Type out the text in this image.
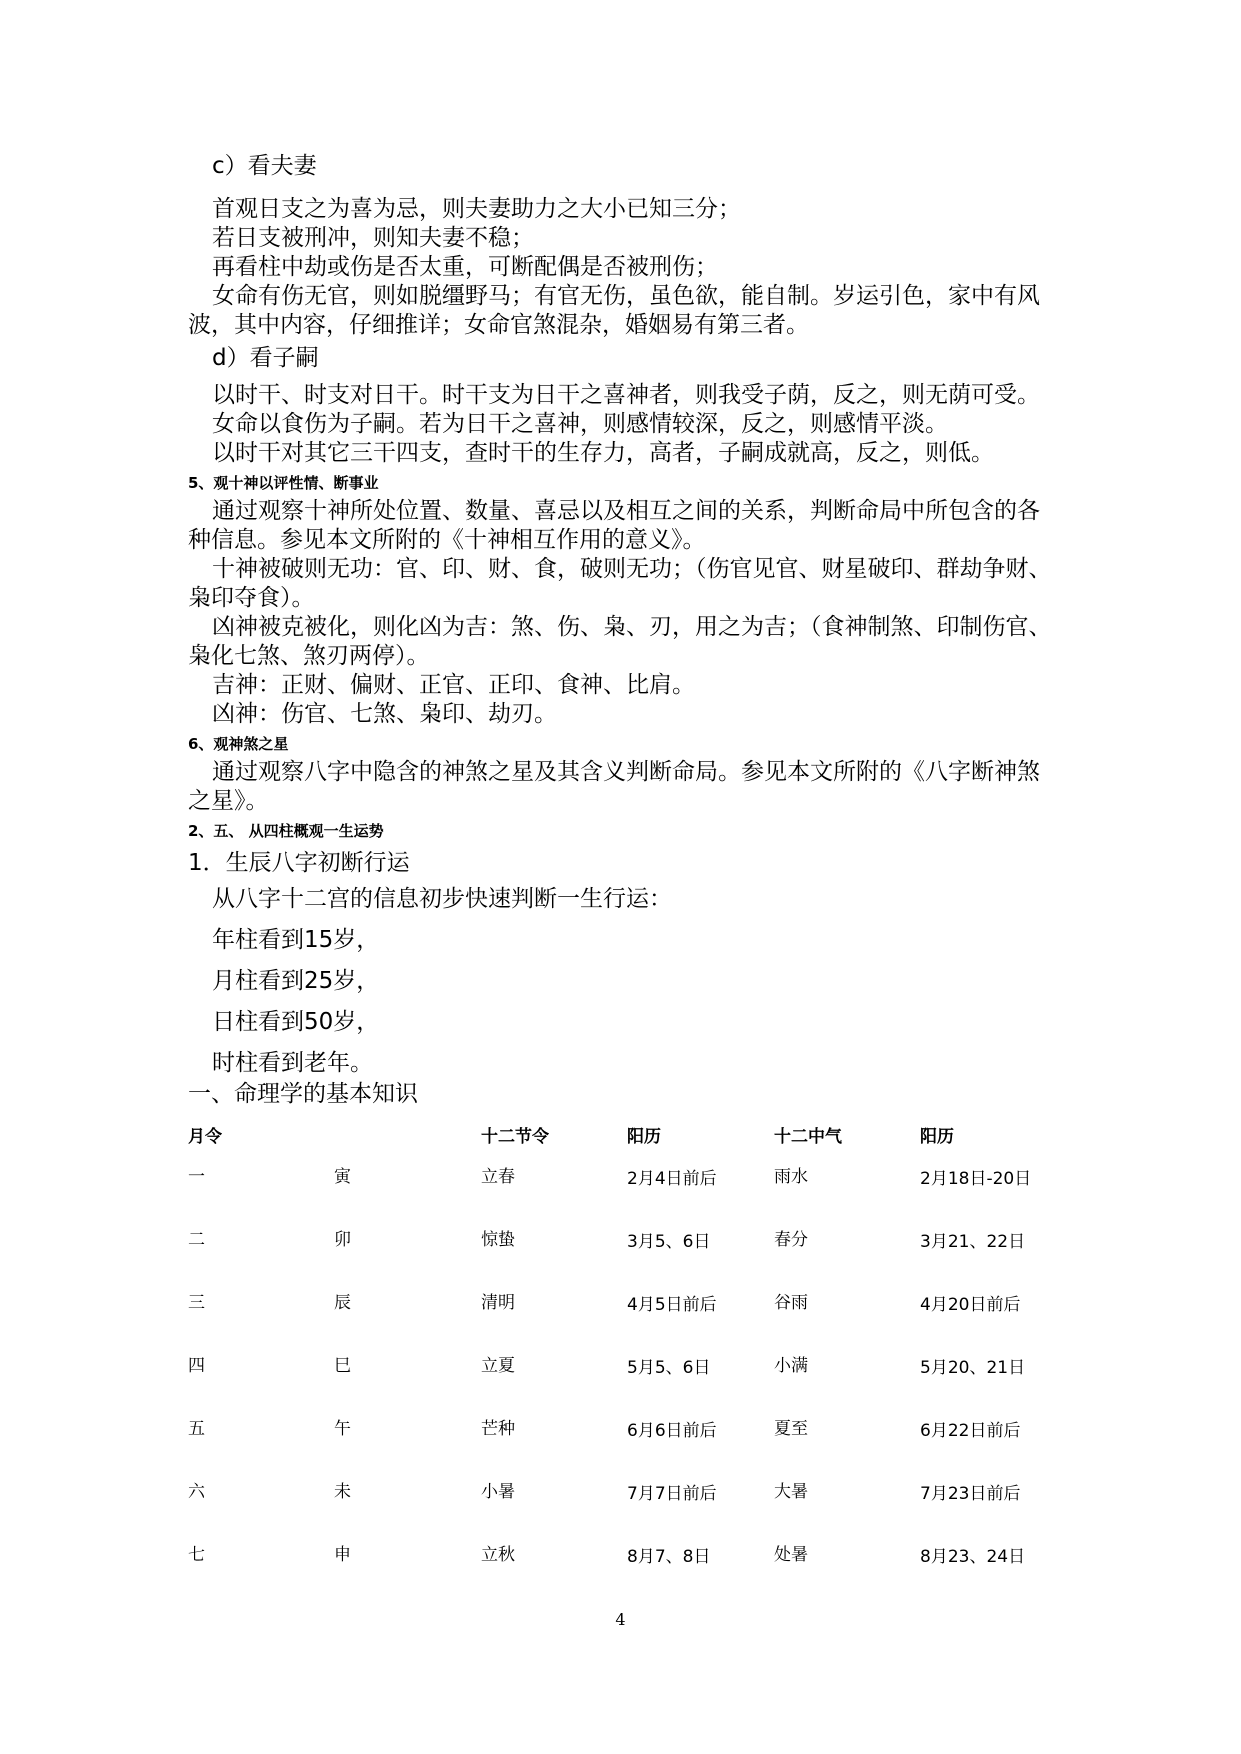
c）看夫妻

首观日支之为喜为忌，则夫妻助力之大小已知三分；

若日支被刑冲，则知夫妻不稳；

再看柱中劫或伤是否太重，可断配偶是否被刑伤；

女命有伤无官，则如脱缰野马；有官无伤，虽色欲，能自制。岁运引色，家中有风波，其中内容，仔细推详；女命官煞混杂，婚姻易有第三者。

d）看子嗣

以时干、时支对日干。时干支为日干之喜神者，则我受子荫，反之，则无荫可受。

女命以食伤为子嗣。若为日干之喜神，则感情较深，反之，则感情平淡。

以时干对其它三干四支，查时干的生存力，高者，子嗣成就高，反之，则低。

5、观十神以评性情、断事业

通过观察十神所处位置、数量、喜忌以及相互之间的关系，判断命局中所包含的各种信息。参见本文所附的《十神相互作用的意义》。

十神被破则无功：官、印、财、食，破则无功；（伤官见官、财星破印、群劫争财、枭印夺食）。

凶神被克被化，则化凶为吉：煞、伤、枭、刃，用之为吉；（食神制煞、印制伤官、枭化七煞、煞刃两停）。

吉神：正财、偏财、正官、正印、食神、比肩。

凶神：伤官、七煞、枭印、劫刃。

6、观神煞之星

通过观察八字中隐含的神煞之星及其含义判断命局。参见本文所附的《八字断神煞之星》。

2、五、 从四柱概观一生运势

1．生辰八字初断行运

从八字十二宫的信息初步快速判断一生行运：

年柱看到15岁，

月柱看到25岁，

日柱看到50岁，

时柱看到老年。

一、命理学的基本知识

月令		十二节令	阳历	十二中气	阳历
一	寅	立春	2月4日前后	雨水	2月18日-20日
二	卯	惊蛰	3月5、6日	春分	3月21、22日
三	辰	清明	4月5日前后	谷雨	4月20日前后
四	巳	立夏	5月5、6日	小满	5月20、21日
五	午	芒种	6月6日前后	夏至	6月22日前后
六	未	小暑	7月7日前后	大暑	7月23日前后
七	申	立秋	8月7、8日	处暑	8月23、24日
4
